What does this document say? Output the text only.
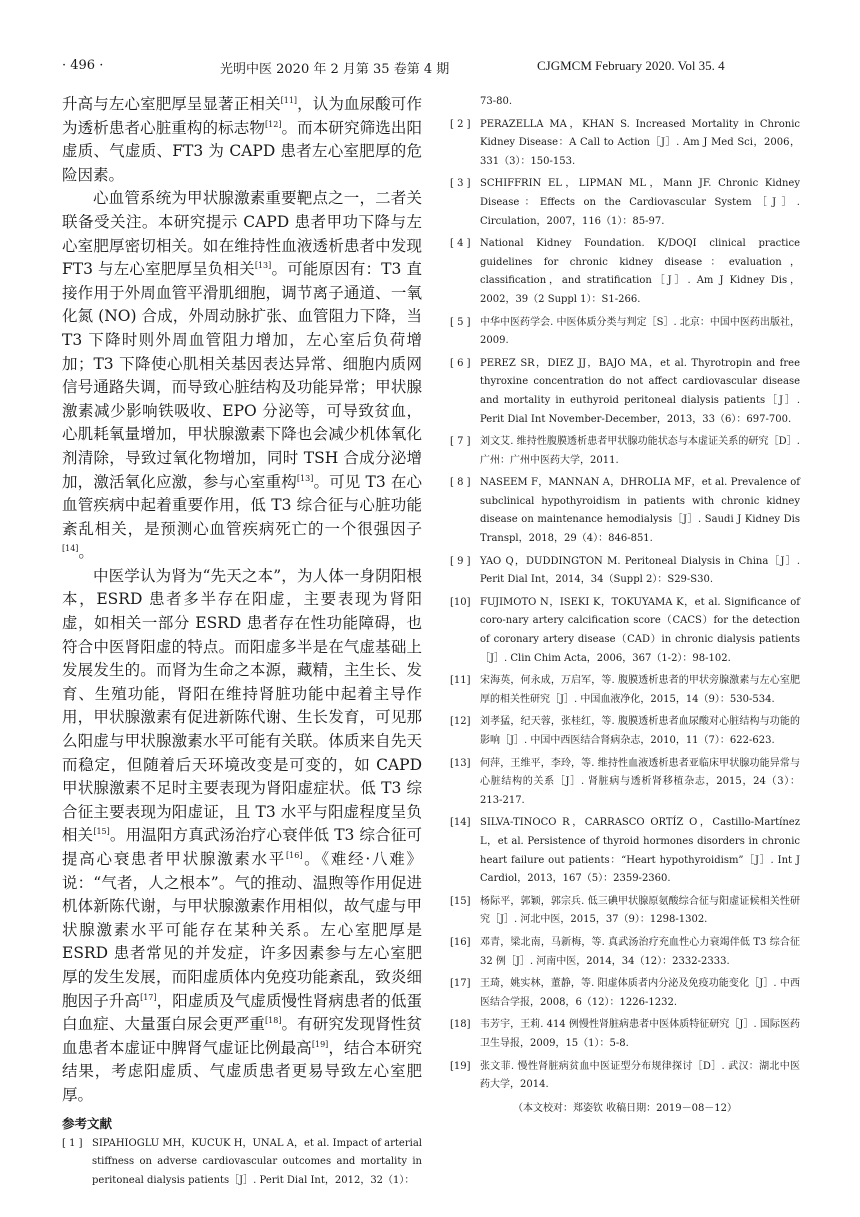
· 496 ·	光明中医 2020 年 2 月第 35 卷第 4 期	CJGMCM February 2020. Vol 35. 4

升高与左心室肥厚呈显著正相关[11]，认为血尿酸可作为透析患者心脏重构的标志物[12]。而本研究筛选出阳虚质、气虚质、FT3 为 CAPD 患者左心室肥厚的危险因素。

心血管系统为甲状腺激素重要靶点之一，二者关联备受关注。本研究提示 CAPD 患者甲功下降与左心室肥厚密切相关。如在维持性血液透析患者中发现 FT3 与左心室肥厚呈负相关[13]。可能原因有：T3 直接作用于外周血管平滑肌细胞，调节离子通道、一氧化氮 (NO) 合成，外周动脉扩张、血管阻力下降，当 T3 下降时则外周血管阻力增加，左心室后负荷增加；T3 下降使心肌相关基因表达异常、细胞内质网信号通路失调，而导致心脏结构及功能异常；甲状腺激素减少影响铁吸收、EPO 分泌等，可导致贫血，心肌耗氧量增加，甲状腺激素下降也会减少机体氧化剂清除，导致过氧化物增加，同时 TSH 合成分泌增加，激活氧化应激，参与心室重构[13]。可见 T3 在心血管疾病中起着重要作用，低 T3 综合征与心脏功能紊乱相关，是预测心血管疾病死亡的一个很强因子[14]。

中医学认为肾为“先天之本”，为人体一身阴阳根本，ESRD 患者多半存在阳虚，主要表现为肾阳虚，如相关一部分 ESRD 患者存在性功能障碍，也符合中医肾阳虚的特点。而阳虚多半是在气虚基础上发展发生的。而肾为生命之本源，藏精，主生长、发育、生殖功能，肾阳在维持肾脏功能中起着主导作用，甲状腺激素有促进新陈代谢、生长发育，可见那么阳虚与甲状腺激素水平可能有关联。体质来自先天而稳定，但随着后天环境改变是可变的，如 CAPD 甲状腺激素不足时主要表现为肾阳虚症状。低 T3 综合征主要表现为阳虚证，且 T3 水平与阳虚程度呈负相关[15]。用温阳方真武汤治疗心衰伴低 T3 综合征可提高心衰患者甲状腺激素水平[16]。《难经·八难》说：“气者，人之根本”。气的推动、温煦等作用促进机体新陈代谢，与甲状腺激素作用相似，故气虚与甲状腺激素水平可能存在某种关系。左心室肥厚是 ESRD 患者常见的并发症，许多因素参与左心室肥厚的发生发展，而阳虚质体内免疫功能紊乱，致炎细胞因子升高[17]，阳虚质及气虚质慢性肾病患者的低蛋白血症、大量蛋白尿会更严重[18]。有研究发现肾性贫血患者本虚证中脾肾气虚证比例最高[19]，结合本研究结果，考虑阳虚质、气虚质患者更易导致左心室肥厚。

参考文献
[ 1 ] SIPAHIOGLU MH，KUCUK H，UNAL A，et al. Impact of arterial stiffness on adverse cardiovascular outcomes and mortality in peritoneal dialysis patients［J］. Perit Dial Int，2012，32（1）：
73-80.
[ 2 ] PERAZELLA MA，KHAN S. Increased Mortality in Chronic Kidney Disease：A Call to Action［J］. Am J Med Sci，2006，331（3）：150-153.
[ 3 ] SCHIFFRIN EL，LIPMAN ML，Mann JF. Chronic Kidney Disease：Effects on the Cardiovascular System［J］. Circulation，2007，116（1）：85-97.
[ 4 ] National Kidney Foundation. K/DOQI clinical practice guidelines for chronic kidney disease：evaluation，classification，and stratification［J］. Am J Kidney Dis，2002，39（2 Suppl 1）：S1-266.
[ 5 ] 中华中医药学会. 中医体质分类与判定［S］. 北京：中国中医药出版社，2009.
[ 6 ] PEREZ SR，DIEZ JJ，BAJO MA，et al. Thyrotropin and free thyroxine concentration do not affect cardiovascular disease and mortality in euthyroid peritoneal dialysis patients［J］. Perit Dial Int November-December，2013，33（6）：697-700.
[ 7 ] 刘文艾. 维持性腹膜透析患者甲状腺功能状态与本虚证关系的研究［D］. 广州：广州中医药大学，2011.
[ 8 ] NASEEM F，MANNAN A，DHROLIA MF，et al. Prevalence of subclinical hypothyroidism in patients with chronic kidney disease on maintenance hemodialysis［J］. Saudi J Kidney Dis Transpl，2018，29（4）：846-851.
[ 9 ] YAO Q，DUDDINGTON M. Peritoneal Dialysis in China［J］. Perit Dial Int，2014，34（Suppl 2）：S29-S30.
[10] FUJIMOTO N，ISEKI K，TOKUYAMA K，et al. Significance of coro-nary artery calcification score（CACS）for the detection of coronary artery disease（CAD）in chronic dialysis patients［J］. Clin Chim Acta，2006，367（1-2）：98-102.
[11] 宋海英，何永成，万启军，等. 腹膜透析患者的甲状旁腺激素与左心室肥厚的相关性研究［J］. 中国血液净化，2015，14（9）：530-534.
[12] 刘孝猛，纪天蓉，张桂红，等. 腹膜透析患者血尿酸对心脏结构与功能的影响［J］. 中国中西医结合肾病杂志，2010，11（7）：622-623.
[13] 何萍，王维平，李玲，等. 维持性血液透析患者亚临床甲状腺功能异常与心脏结构的关系［J］. 肾脏病与透析肾移植杂志，2015，24（3）：213-217.
[14] SILVA-TINOCO R，CARRASCO ORTÍZ O，Castillo-Martínez L，et al. Persistence of thyroid hormones disorders in chronic heart failure out patients：“Heart hypothyroidism”［J］. Int J Cardiol，2013，167（5）：2359-2360.
[15] 杨际平，郭颖，郭宗兵. 低三碘甲状腺原氨酸综合征与阳虚证候相关性研究［J］. 河北中医，2015，37（9）：1298-1302.
[16] 邓青，梁北南，马新梅，等. 真武汤治疗充血性心力衰竭伴低 T3 综合征 32 例［J］. 河南中医，2014，34（12）：2332-2333.
[17] 王琦，姚实林，董静，等. 阳虚体质者内分泌及免疫功能变化［J］. 中西医结合学报，2008，6（12）：1226-1232.
[18] 韦芳宇，王莉. 414 例慢性肾脏病患者中医体质特征研究［J］. 国际医药卫生导报，2009，15（1）：5-8.
[19] 张文菲. 慢性肾脏病贫血中医证型分布规律探讨［D］. 武汉：湖北中医药大学，2014.
（本文校对：郑姿钦 收稿日期：2019－08－12）
